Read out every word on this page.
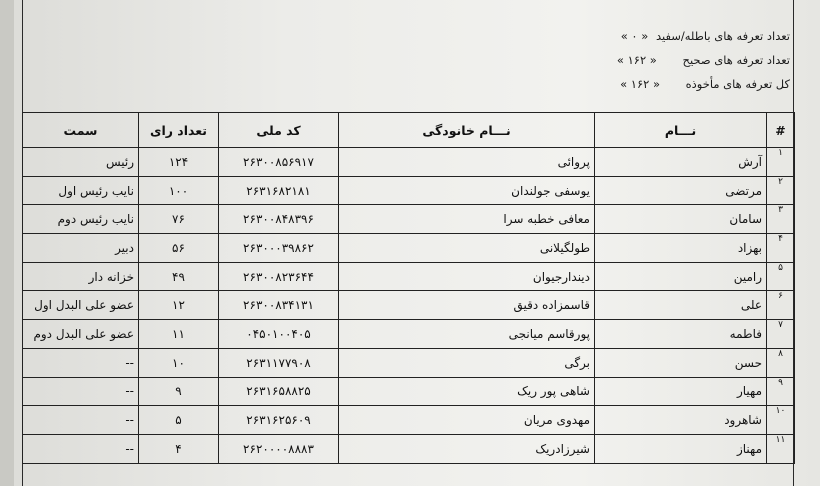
تعداد تعرفه های باطله/سفید « ۰ »
تعداد تعرفه های صحیح « ۱۶۲ »
کل تعرفه های مأخوذه « ۱۶۲ »
#	نـــام	نـــام خانودگی	کد ملی	تعداد رای	سمت
۱	آرش	پروائی	۲۶۳۰۰۸۵۶۹۱۷	۱۲۴	رئیس
۲	مرتضی	یوسفی جولندان	۲۶۳۱۶۸۲۱۸۱	۱۰۰	نایب رئیس اول
۳	سامان	معافی خطبه سرا	۲۶۳۰۰۸۴۸۳۹۶	۷۶	نایب رئیس دوم
۴	بهزاد	طولگیلانی	۲۶۳۰۰۰۳۹۸۶۲	۵۶	دبیر
۵	رامین	دیندارجیوان	۲۶۳۰۰۸۲۳۶۴۴	۴۹	خزانه دار
۶	علی	قاسمزاده دقیق	۲۶۳۰۰۸۳۴۱۳۱	۱۲	عضو علی البدل اول
۷	فاطمه	پورقاسم میانجی	۰۴۵۰۱۰۰۴۰۵	۱۱	عضو علی البدل دوم
۸	حسن	برگی	۲۶۳۱۱۷۷۹۰۸	۱۰	--
۹	مهیار	شاهی پور ریک	۲۶۳۱۶۵۸۸۲۵	۹	--
۱۰	شاهرود	مهدوی مریان	۲۶۳۱۶۲۵۶۰۹	۵	--
۱۱	مهناز	شیرزادریک	۲۶۲۰۰۰۰۸۸۸۳	۴	--
